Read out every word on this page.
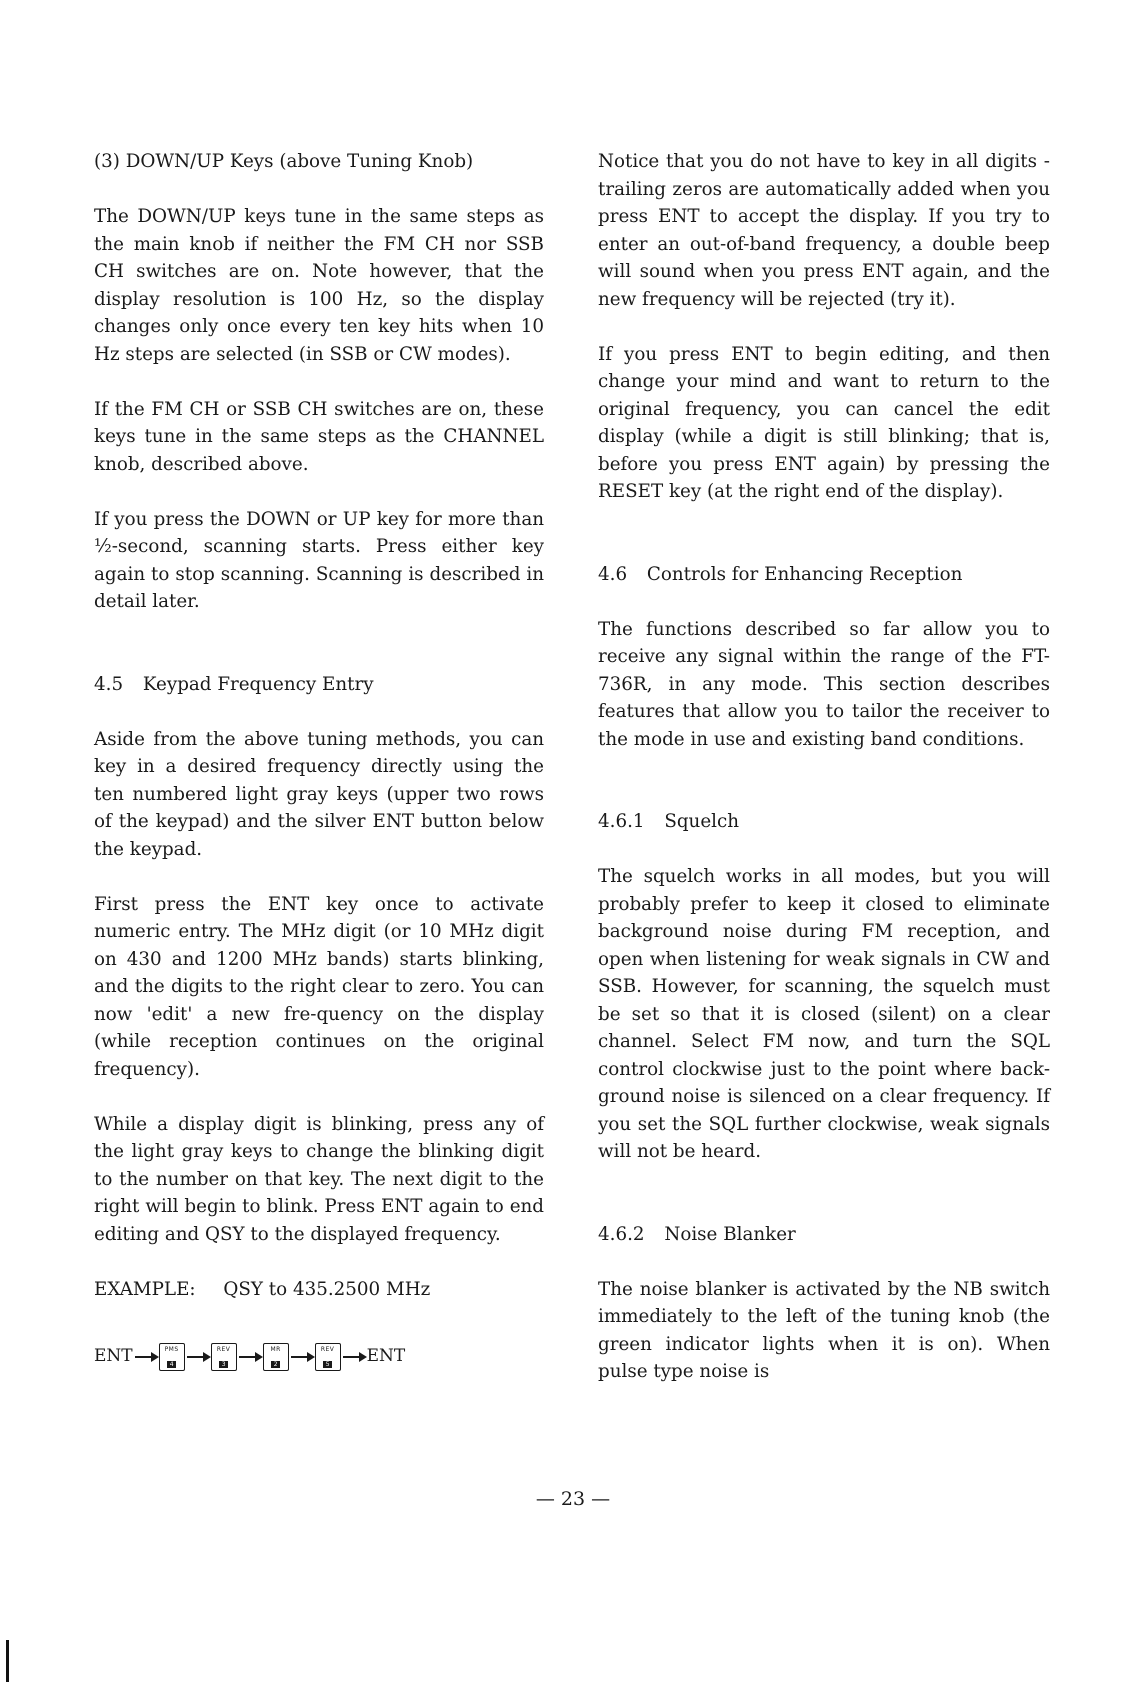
(3) DOWN/UP Keys (above Tuning Knob)

The DOWN/UP keys tune in the same steps as the main knob if neither the FM CH nor SSB CH switches are on. Note however, that the display resolution is 100 Hz, so the display changes only once every ten key hits when 10 Hz steps are selected (in SSB or CW modes).

If the FM CH or SSB CH switches are on, these keys tune in the same steps as the CHANNEL knob, described above.

If you press the DOWN or UP key for more than ½-second, scanning starts. Press either key again to stop scanning. Scanning is described in detail later.

4.5 Keypad Frequency Entry

Aside from the above tuning methods, you can key in a desired frequency directly using the ten numbered light gray keys (upper two rows of the keypad) and the silver ENT button below the keypad.

First press the ENT key once to activate numeric entry. The MHz digit (or 10 MHz digit on 430 and 1200 MHz bands) starts blinking, and the digits to the right clear to zero. You can now 'edit' a new fre-quency on the display (while reception continues on the original frequency).

While a display digit is blinking, press any of the light gray keys to change the blinking digit to the number on that key. The next digit to the right will begin to blink. Press ENT again to end editing and QSY to the displayed frequency.

EXAMPLE: QSY to 435.2500 MHz
ENT	PMS
4
REV
3
MR
2
REV
5 ENT

Notice that you do not have to key in all digits - trailing zeros are automatically added when you press ENT to accept the display. If you try to enter an out-of-band frequency, a double beep will sound when you press ENT again, and the new frequency will be rejected (try it).

If you press ENT to begin editing, and then change your mind and want to return to the original frequency, you can cancel the edit display (while a digit is still blinking; that is, before you press ENT again) by pressing the RESET key (at the right end of the display).

4.6 Controls for Enhancing Reception

The functions described so far allow you to receive any signal within the range of the FT-736R, in any mode. This section describes features that allow you to tailor the receiver to the mode in use and existing band conditions.

4.6.1 Squelch

The squelch works in all modes, but you will probably prefer to keep it closed to eliminate background noise during FM reception, and open when listening for weak signals in CW and SSB. However, for scanning, the squelch must be set so that it is closed (silent) on a clear channel. Select FM now, and turn the SQL control clockwise just to the point where back-ground noise is silenced on a clear frequency. If you set the SQL further clockwise, weak signals will not be heard.

4.6.2 Noise Blanker

The noise blanker is activated by the NB switch immediately to the left of the tuning knob (the green indicator lights when it is on). When pulse type noise is

— 23 —
